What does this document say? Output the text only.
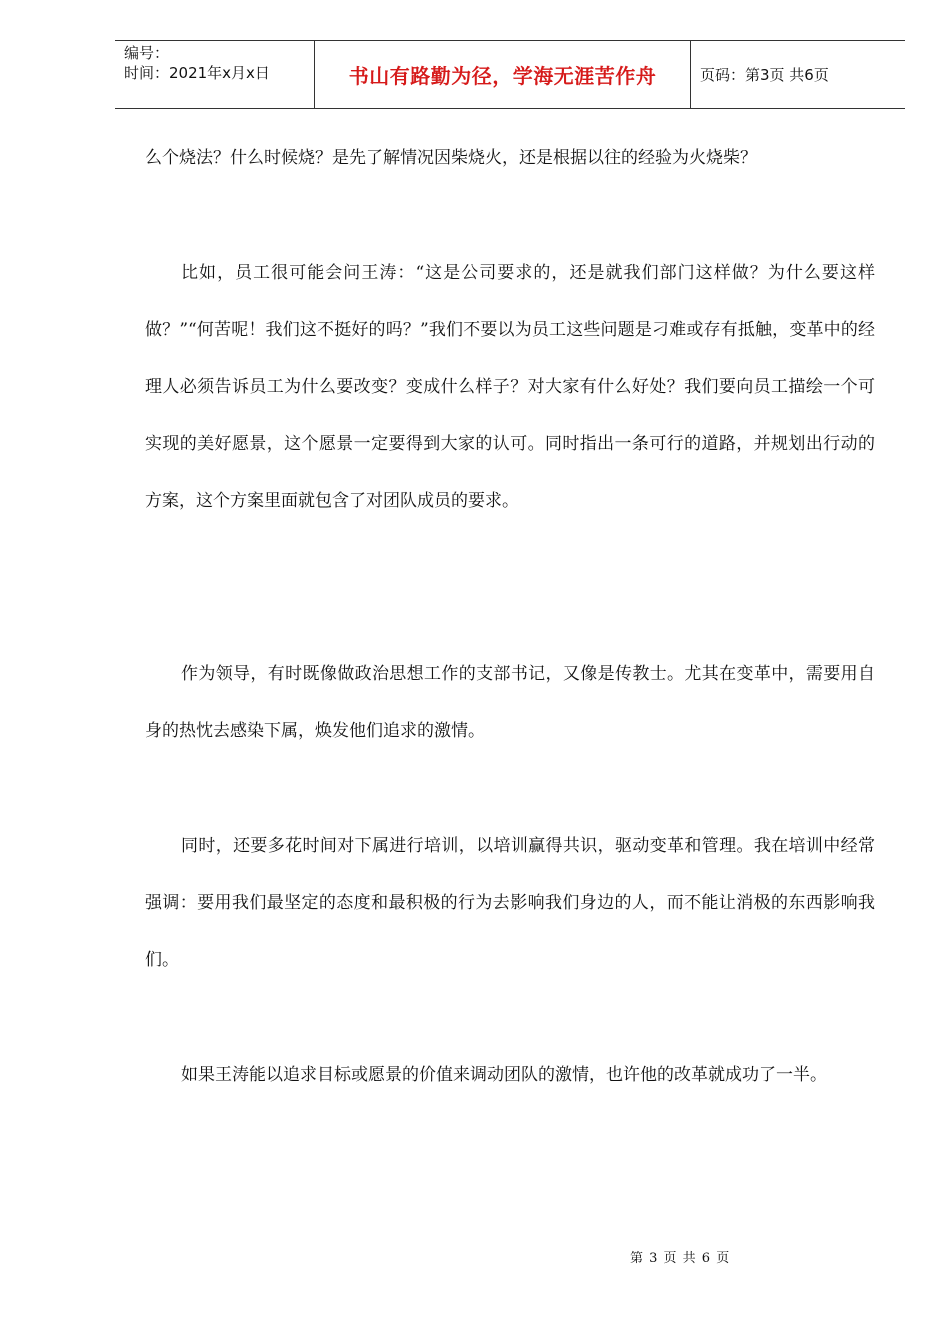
编号：
时间：2021年x月x日	书山有路勤为径，学海无涯苦作舟	页码：第3页 共6页

么个烧法？什么时候烧？是先了解情况因柴烧火，还是根据以往的经验为火烧柴？

比如，员工很可能会问王涛：“这是公司要求的，还是就我们部门这样做？为什么要这样做？”“何苦呢！我们这不挺好的吗？”我们不要以为员工这些问题是刁难或存有抵触，变革中的经理人必须告诉员工为什么要改变？变成什么样子？对大家有什么好处？我们要向员工描绘一个可实现的美好愿景，这个愿景一定要得到大家的认可。同时指出一条可行的道路，并规划出行动的方案，这个方案里面就包含了对团队成员的要求。

作为领导，有时既像做政治思想工作的支部书记，又像是传教士。尤其在变革中，需要用自身的热忱去感染下属，焕发他们追求的激情。

同时，还要多花时间对下属进行培训，以培训赢得共识，驱动变革和管理。我在培训中经常强调：要用我们最坚定的态度和最积极的行为去影响我们身边的人，而不能让消极的东西影响我们。

如果王涛能以追求目标或愿景的价值来调动团队的激情，也许他的改革就成功了一半。

第 3 页 共 6 页
